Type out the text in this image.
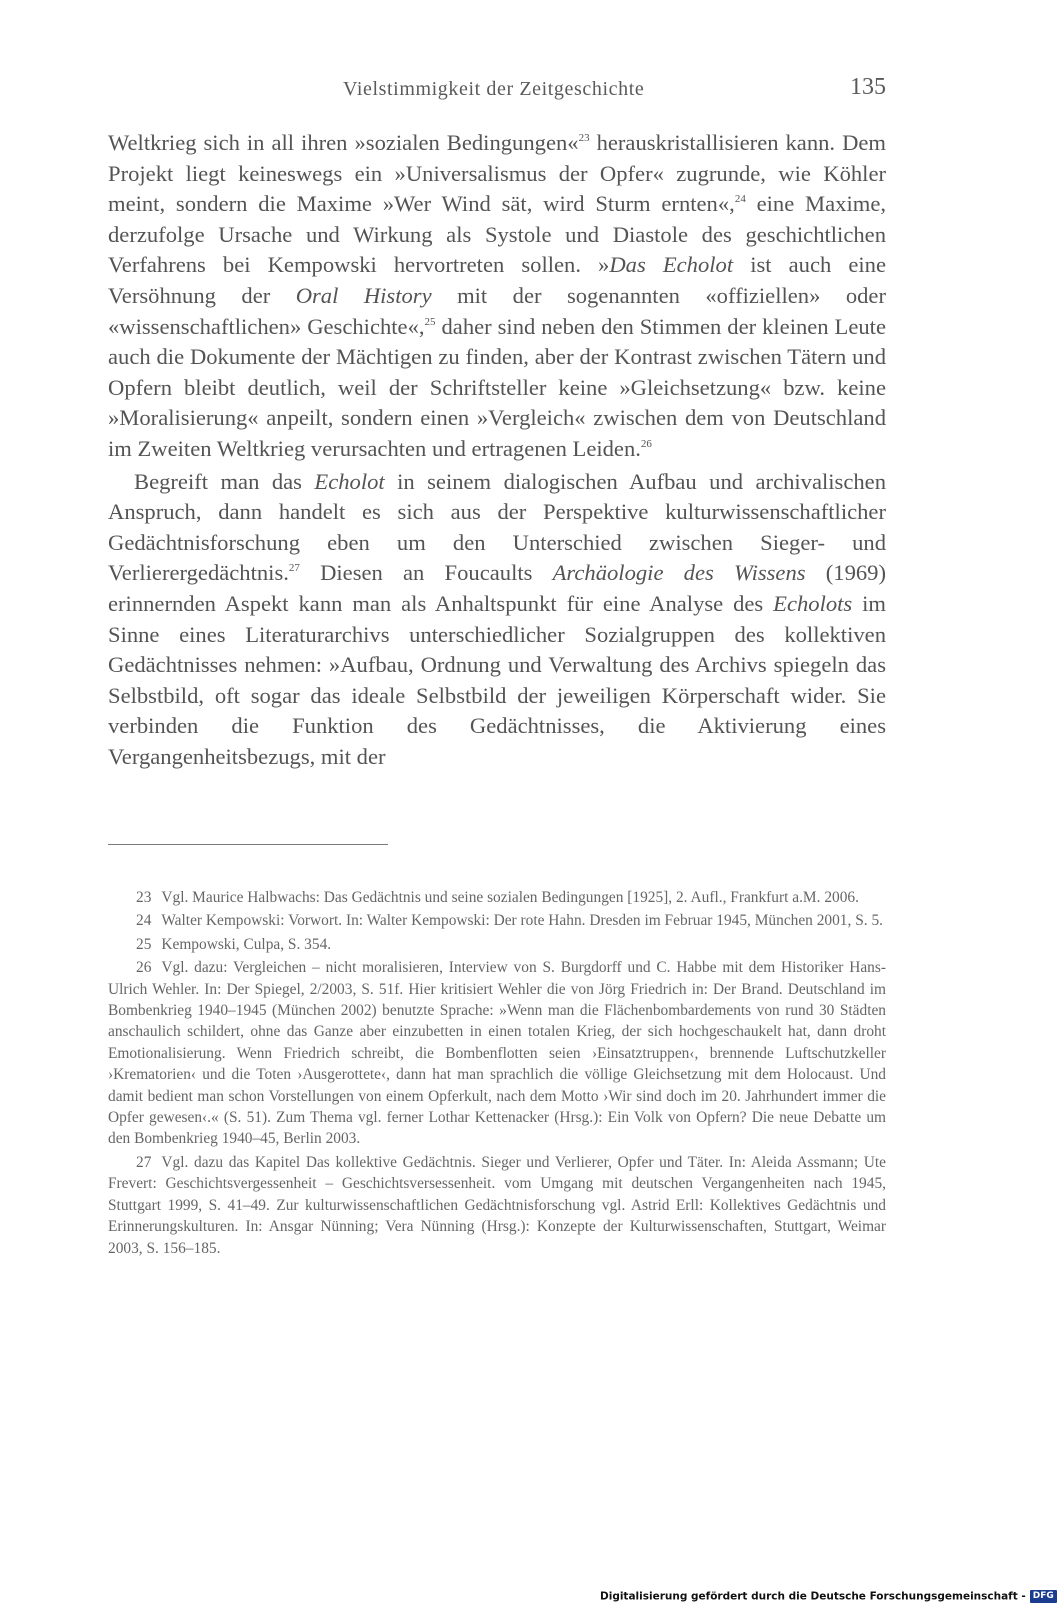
Vielstimmigkeit der Zeitgeschichte	135

Weltkrieg sich in all ihren »sozialen Bedingungen«$^{23}$ herauskristallisieren kann. Dem Projekt liegt keineswegs ein »Universalismus der Opfer« zugrunde, wie Köhler meint, sondern die Maxime »Wer Wind sät, wird Sturm ernten«,$^{24}$ eine Maxime, derzufolge Ursache und Wirkung als Systole und Diastole des geschichtlichen Verfahrens bei Kempowski hervortreten sollen. »Das Echolot ist auch eine Versöhnung der Oral History mit der sogenannten «offiziellen» oder «wissenschaftlichen» Geschichte«,$^{25}$ daher sind neben den Stimmen der kleinen Leute auch die Dokumente der Mächtigen zu finden, aber der Kontrast zwischen Tätern und Opfern bleibt deutlich, weil der Schriftsteller keine »Gleichsetzung« bzw. keine »Moralisierung« anpeilt, sondern einen »Vergleich« zwischen dem von Deutschland im Zweiten Weltkrieg verursachten und ertragenen Leiden.$^{26}$

Begreift man das Echolot in seinem dialogischen Aufbau und archivalischen Anspruch, dann handelt es sich aus der Perspektive kulturwissenschaftlicher Gedächtnisforschung eben um den Unterschied zwischen Sieger- und Verlierergedächtnis.$^{27}$ Diesen an Foucaults Archäologie des Wissens (1969) erinnernden Aspekt kann man als Anhaltspunkt für eine Analyse des Echolots im Sinne eines Literaturarchivs unterschiedlicher Sozialgruppen des kollektiven Gedächtnisses nehmen: »Aufbau, Ordnung und Verwaltung des Archivs spiegeln das Selbstbild, oft sogar das ideale Selbstbild der jeweiligen Körperschaft wider. Sie verbinden die Funktion des Gedächtnisses, die Aktivierung eines Vergangenheitsbezugs, mit der

23 Vgl. Maurice Halbwachs: Das Gedächtnis und seine sozialen Bedingungen [1925], 2. Aufl., Frankfurt a.M. 2006.

24 Walter Kempowski: Vorwort. In: Walter Kempowski: Der rote Hahn. Dresden im Februar 1945, München 2001, S. 5.

25 Kempowski, Culpa, S. 354.

26 Vgl. dazu: Vergleichen – nicht moralisieren, Interview von S. Burgdorff und C. Habbe mit dem Historiker Hans-Ulrich Wehler. In: Der Spiegel, 2/2003, S. 51f. Hier kritisiert Wehler die von Jörg Friedrich in: Der Brand. Deutschland im Bombenkrieg 1940–1945 (München 2002) benutzte Sprache: »Wenn man die Flächenbombardements von rund 30 Städten anschaulich schildert, ohne das Ganze aber einzubetten in einen totalen Krieg, der sich hochgeschaukelt hat, dann droht Emotionalisierung. Wenn Friedrich schreibt, die Bombenflotten seien ›Einsatztruppen‹, brennende Luftschutzkeller ›Krematorien‹ und die Toten ›Ausgerottete‹, dann hat man sprachlich die völlige Gleichsetzung mit dem Holocaust. Und damit bedient man schon Vorstellungen von einem Opferkult, nach dem Motto ›Wir sind doch im 20. Jahrhundert immer die Opfer gewesen‹.« (S. 51). Zum Thema vgl. ferner Lothar Kettenacker (Hrsg.): Ein Volk von Opfern? Die neue Debatte um den Bombenkrieg 1940–45, Berlin 2003.

27 Vgl. dazu das Kapitel Das kollektive Gedächtnis. Sieger und Verlierer, Opfer und Täter. In: Aleida Assmann; Ute Frevert: Geschichtsvergessenheit – Geschichtsversessenheit. vom Umgang mit deutschen Vergangenheiten nach 1945, Stuttgart 1999, S. 41–49. Zur kulturwissenschaftlichen Gedächtnisforschung vgl. Astrid Erll: Kollektives Gedächtnis und Erinnerungskulturen. In: Ansgar Nünning; Vera Nünning (Hrsg.): Konzepte der Kulturwissenschaften, Stuttgart, Weimar 2003, S. 156–185.

Digitalisierung gefördert durch die Deutsche Forschungsgemeinschaft - DFG
